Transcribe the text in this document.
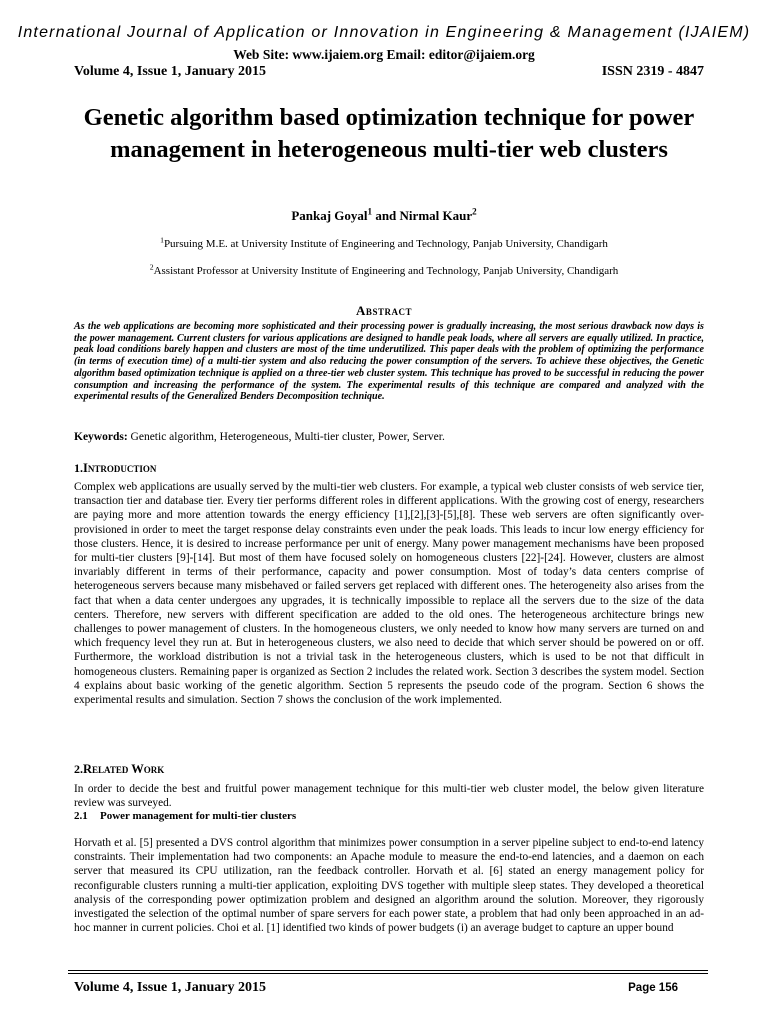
International Journal of Application or Innovation in Engineering & Management (IJAIEM)
Web Site: www.ijaiem.org Email: editor@ijaiem.org
Volume 4, Issue 1, January 2015	ISSN 2319 - 4847
Genetic algorithm based optimization technique for power management in heterogeneous multi-tier web clusters
Pankaj Goyal$^1$ and Nirmal Kaur$^2$
$^1$Pursuing M.E. at University Institute of Engineering and Technology, Panjab University, Chandigarh
$^2$Assistant Professor at University Institute of Engineering and Technology, Panjab University, Chandigarh
Abstract

As the web applications are becoming more sophisticated and their processing power is gradually increasing, the most serious drawback now days is the power management. Current clusters for various applications are designed to handle peak loads, where all servers are equally utilized. In practice, peak load conditions barely happen and clusters are most of the time underutilized. This paper deals with the problem of optimizing the performance (in terms of execution time) of a multi-tier system and also reducing the power consumption of the servers. To achieve these objectives, the Genetic algorithm based optimization technique is applied on a three-tier web cluster system. This technique has proved to be successful in reducing the power consumption and increasing the performance of the system. The experimental results of this technique are compared and analyzed with the experimental results of the Generalized Benders Decomposition technique.

Keywords: Genetic algorithm, Heterogeneous, Multi-tier cluster, Power, Server.
1.Introduction

Complex web applications are usually served by the multi-tier web clusters. For example, a typical web cluster consists of web service tier, transaction tier and database tier. Every tier performs different roles in different applications. With the growing cost of energy, researchers are paying more and more attention towards the energy efficiency [1],[2],[3]-[5],[8]. These web servers are often significantly over-provisioned in order to meet the target response delay constraints even under the peak loads. This leads to incur low energy efficiency for those clusters. Hence, it is desired to increase performance per unit of energy. Many power management mechanisms have been proposed for multi-tier clusters [9]-[14]. But most of them have focused solely on homogeneous clusters [22]-[24]. However, clusters are almost invariably different in terms of their performance, capacity and power consumption. Most of today’s data centers comprise of heterogeneous servers because many misbehaved or failed servers get replaced with different ones. The heterogeneity also arises from the fact that when a data center undergoes any upgrades, it is technically impossible to replace all the servers due to the size of the data centers. Therefore, new servers with different specification are added to the old ones. The heterogeneous architecture brings new challenges to power management of clusters. In the homogeneous clusters, we only needed to know how many servers are turned on and which frequency level they run at. But in heterogeneous clusters, we also need to decide that which server should be powered on or off. Furthermore, the workload distribution is not a trivial task in the heterogeneous clusters, which is used to be not that difficult in homogeneous clusters. Remaining paper is organized as Section 2 includes the related work. Section 3 describes the system model. Section 4 explains about basic working of the genetic algorithm. Section 5 represents the pseudo code of the program. Section 6 shows the experimental results and simulation. Section 7 shows the conclusion of the work implemented.

2.Related Work

In order to decide the best and fruitful power management technique for this multi-tier web cluster model, the below given literature review was surveyed.

2.1 Power management for multi-tier clusters

Horvath et al. [5] presented a DVS control algorithm that minimizes power consumption in a server pipeline subject to end-to-end latency constraints. Their implementation had two components: an Apache module to measure the end-to-end latencies, and a daemon on each server that measured its CPU utilization, ran the feedback controller. Horvath et al. [6] stated an energy management policy for reconfigurable clusters running a multi-tier application, exploiting DVS together with multiple sleep states. They developed a theoretical analysis of the corresponding power optimization problem and designed an algorithm around the solution. Moreover, they rigorously investigated the selection of the optimal number of spare servers for each power state, a problem that had only been approached in an ad-hoc manner in current policies. Choi et al. [1] identified two kinds of power budgets (i) an average budget to capture an upper bound

Volume 4, Issue 1, January 2015	Page 156
